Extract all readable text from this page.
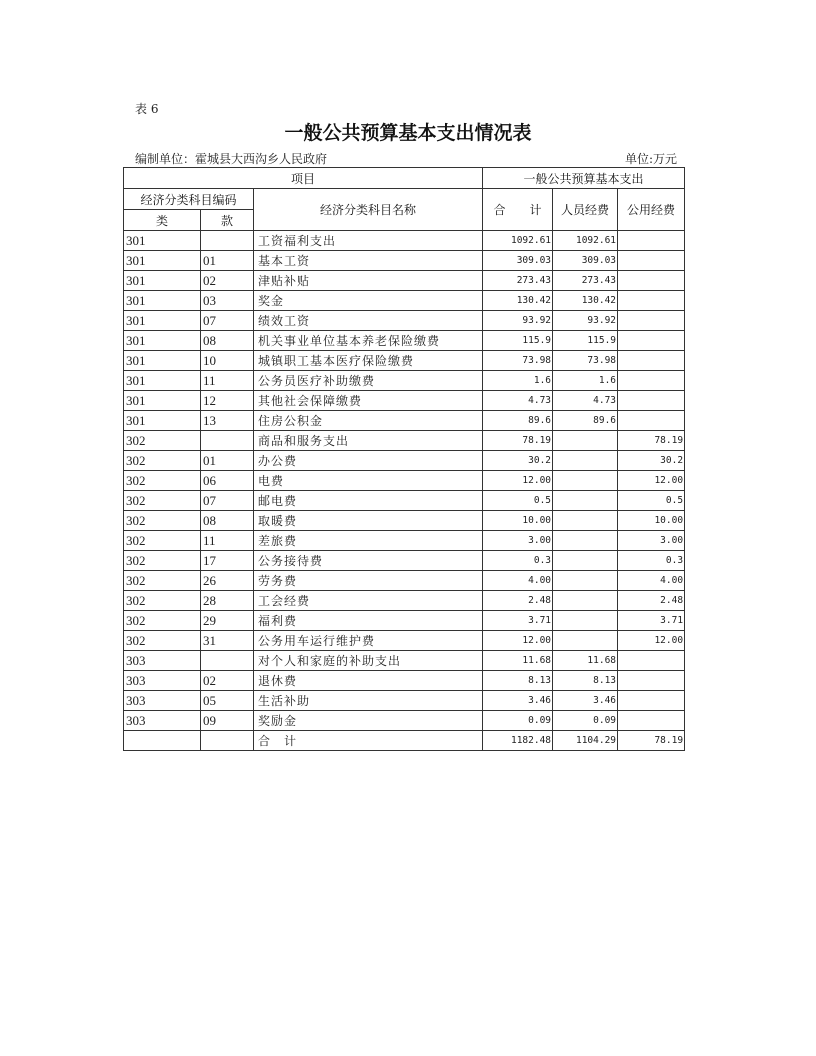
表 6
一般公共预算基本支出情况表
编制单位：霍城县大西沟乡人民政府	单位:万元
项目			一般公共预算基本支出		
经济分类科目编码		经济分类科目名称	合　　计	人员经费	公用经费
类	款				
301		工资福利支出	1092.61	1092.61	
301	01	基本工资	309.03	309.03	
301	02	津贴补贴	273.43	273.43	
301	03	奖金	130.42	130.42	
301	07	绩效工资	93.92	93.92	
301	08	机关事业单位基本养老保险缴费	115.9	115.9	
301	10	城镇职工基本医疗保险缴费	73.98	73.98	
301	11	公务员医疗补助缴费	1.6	1.6	
301	12	其他社会保障缴费	4.73	4.73	
301	13	住房公积金	89.6	89.6	
302		商品和服务支出	78.19		78.19
302	01	办公费	30.2		30.2
302	06	电费	12.00		12.00
302	07	邮电费	0.5		0.5
302	08	取暖费	10.00		10.00
302	11	差旅费	3.00		3.00
302	17	公务接待费	0.3		0.3
302	26	劳务费	4.00		4.00
302	28	工会经费	2.48		2.48
302	29	福利费	3.71		3.71
302	31	公务用车运行维护费	12.00		12.00
303		对个人和家庭的补助支出	11.68	11.68	
303	02	退休费	8.13	8.13	
303	05	生活补助	3.46	3.46	
303	09	奖励金	0.09	0.09	
		合　计	1182.48	1104.29	78.19
